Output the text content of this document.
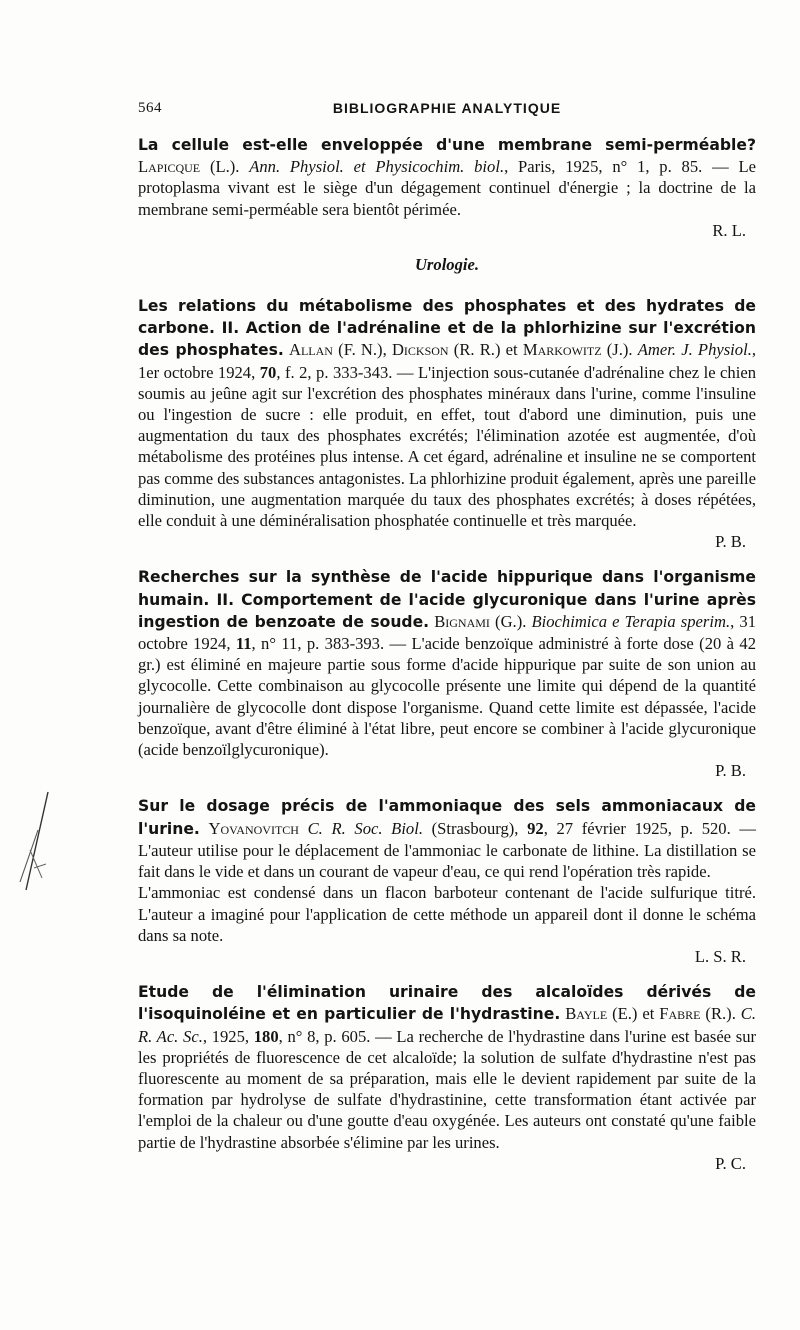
564	BIBLIOGRAPHIE ANALYTIQUE

La cellule est-elle enveloppée d'une membrane semi-perméable? Lapicque (L.). Ann. Physiol. et Physicochim. biol., Paris, 1925, n° 1, p. 85. — Le protoplasma vivant est le siège d'un dégagement continuel d'énergie ; la doctrine de la membrane semi-perméable sera bientôt périmée.

R. L.

Urologie.

Les relations du métabolisme des phosphates et des hydrates de carbone. II. Action de l'adrénaline et de la phlorhizine sur l'excrétion des phosphates. Allan (F. N.), Dickson (R. R.) et Markowitz (J.). Amer. J. Physiol., 1er octobre 1924, 70, f. 2, p. 333-343. — L'injection sous-cutanée d'adrénaline chez le chien soumis au jeûne agit sur l'excrétion des phosphates minéraux dans l'urine, comme l'insuline ou l'ingestion de sucre : elle produit, en effet, tout d'abord une diminution, puis une augmentation du taux des phosphates excrétés; l'élimination azotée est augmentée, d'où métabolisme des protéines plus intense. A cet égard, adrénaline et insuline ne se comportent pas comme des substances antagonistes. La phlorhizine produit également, après une pareille diminution, une augmentation marquée du taux des phosphates excrétés; à doses répétées, elle conduit à une déminéralisation phosphatée continuelle et très marquée.

P. B.

Recherches sur la synthèse de l'acide hippurique dans l'organisme humain. II. Comportement de l'acide glycuronique dans l'urine après ingestion de benzoate de soude. Bignami (G.). Biochimica e Terapia sperim., 31 octobre 1924, 11, n° 11, p. 383-393. — L'acide benzoïque administré à forte dose (20 à 42 gr.) est éliminé en majeure partie sous forme d'acide hippurique par suite de son union au glycocolle. Cette combinaison au glycocolle présente une limite qui dépend de la quantité journalière de glycocolle dont dispose l'organisme. Quand cette limite est dépassée, l'acide benzoïque, avant d'être éliminé à l'état libre, peut encore se combiner à l'acide glycuronique (acide benzoïlglycuronique).

P. B.

Sur le dosage précis de l'ammoniaque des sels ammoniacaux de l'urine. Yovanovitch C. R. Soc. Biol. (Strasbourg), 92, 27 février 1925, p. 520. — L'auteur utilise pour le déplacement de l'ammoniac le carbonate de lithine. La distillation se fait dans le vide et dans un courant de vapeur d'eau, ce qui rend l'opération très rapide.

L'ammoniac est condensé dans un flacon barboteur contenant de l'acide sulfurique titré. L'auteur a imaginé pour l'application de cette méthode un appareil dont il donne le schéma dans sa note.

L. S. R.

Etude de l'élimination urinaire des alcaloïdes dérivés de l'isoquinoléine et en particulier de l'hydrastine. Bayle (E.) et Fabre (R.). C. R. Ac. Sc., 1925, 180, n° 8, p. 605. — La recherche de l'hydrastine dans l'urine est basée sur les propriétés de fluorescence de cet alcaloïde; la solution de sulfate d'hydrastine n'est pas fluorescente au moment de sa préparation, mais elle le devient rapidement par suite de la formation par hydrolyse de sulfate d'hydrastinine, cette transformation étant activée par l'emploi de la chaleur ou d'une goutte d'eau oxygénée. Les auteurs ont constaté qu'une faible partie de l'hydrastine absorbée s'élimine par les urines.

P. C.
